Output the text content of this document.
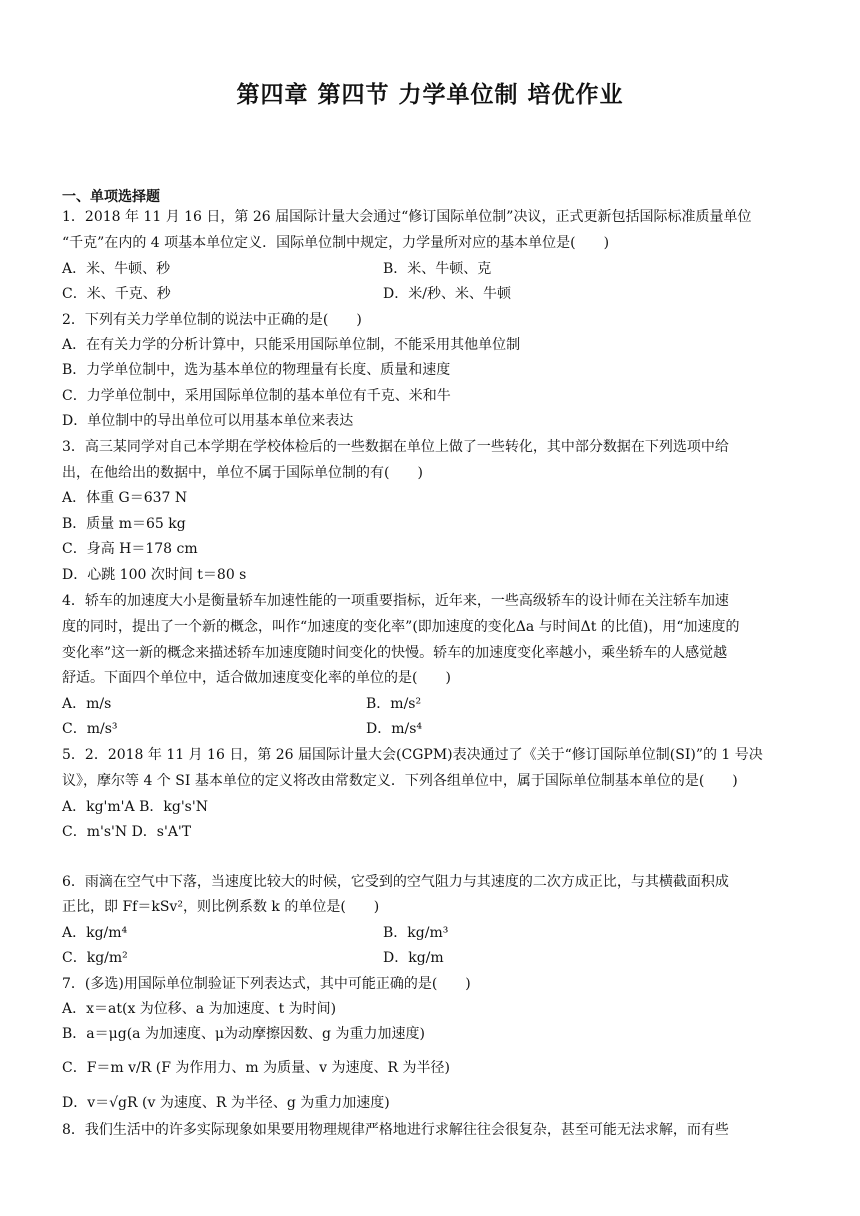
第四章 第四节 力学单位制 培优作业
一、单项选择题
1．2018 年 11 月 16 日，第 26 届国际计量大会通过“修订国际单位制”决议，正式更新包括国际标准质量单位
“千克”在内的 4 项基本单位定义．国际单位制中规定，力学量所对应的基本单位是(　　)
A．米、牛顿、秒	B．米、牛顿、克
C．米、千克、秒	D．米/秒、米、牛顿
2．下列有关力学单位制的说法中正确的是(　　)
A．在有关力学的分析计算中，只能采用国际单位制，不能采用其他单位制
B．力学单位制中，选为基本单位的物理量有长度、质量和速度
C．力学单位制中，采用国际单位制的基本单位有千克、米和牛
D．单位制中的导出单位可以用基本单位来表达
3．高三某同学对自己本学期在学校体检后的一些数据在单位上做了一些转化，其中部分数据在下列选项中给
出，在他给出的数据中，单位不属于国际单位制的有(　　)
A．体重 G＝637 N
B．质量 m＝65 kg
C．身高 H＝178 cm
D．心跳 100 次时间 t＝80 s
4．轿车的加速度大小是衡量轿车加速性能的一项重要指标，近年来，一些高级轿车的设计师在关注轿车加速
度的同时，提出了一个新的概念，叫作“加速度的变化率”(即加速度的变化Δa 与时间Δt 的比值)，用“加速度的
变化率”这一新的概念来描述轿车加速度随时间变化的快慢。轿车的加速度变化率越小，乘坐轿车的人感觉越
舒适。下面四个单位中，适合做加速度变化率的单位的是(　　)
A．m/s	B．m/s²
C．m/s³	D．m/s⁴
5．2．2018 年 11 月 16 日，第 26 届国际计量大会(CGPM)表决通过了《关于“修订国际单位制(SI)”的 1 号决
议》，摩尔等 4 个 SI 基本单位的定义将改由常数定义．下列各组单位中，属于国际单位制基本单位的是(　　)
A．kg'm'A B．kg's'N
C．m's'N D．s'A'T
6．雨滴在空气中下落，当速度比较大的时候，它受到的空气阻力与其速度的二次方成正比，与其横截面积成
正比，即 Ff＝kSv²，则比例系数 k 的单位是(　　)
A．kg/m⁴	B．kg/m³
C．kg/m²	D．kg/m
7．(多选)用国际单位制验证下列表达式，其中可能正确的是(　　)
A．x＝at(x 为位移、a 为加速度、t 为时间)
B．a＝μg(a 为加速度、μ为动摩擦因数、g 为重力加速度)
C．F＝m v/R (F 为作用力、m 为质量、v 为速度、R 为半径)
D．v＝√gR (v 为速度、R 为半径、g 为重力加速度)
8．我们生活中的许多实际现象如果要用物理规律严格地进行求解往往会很复杂，甚至可能无法求解，而有些
